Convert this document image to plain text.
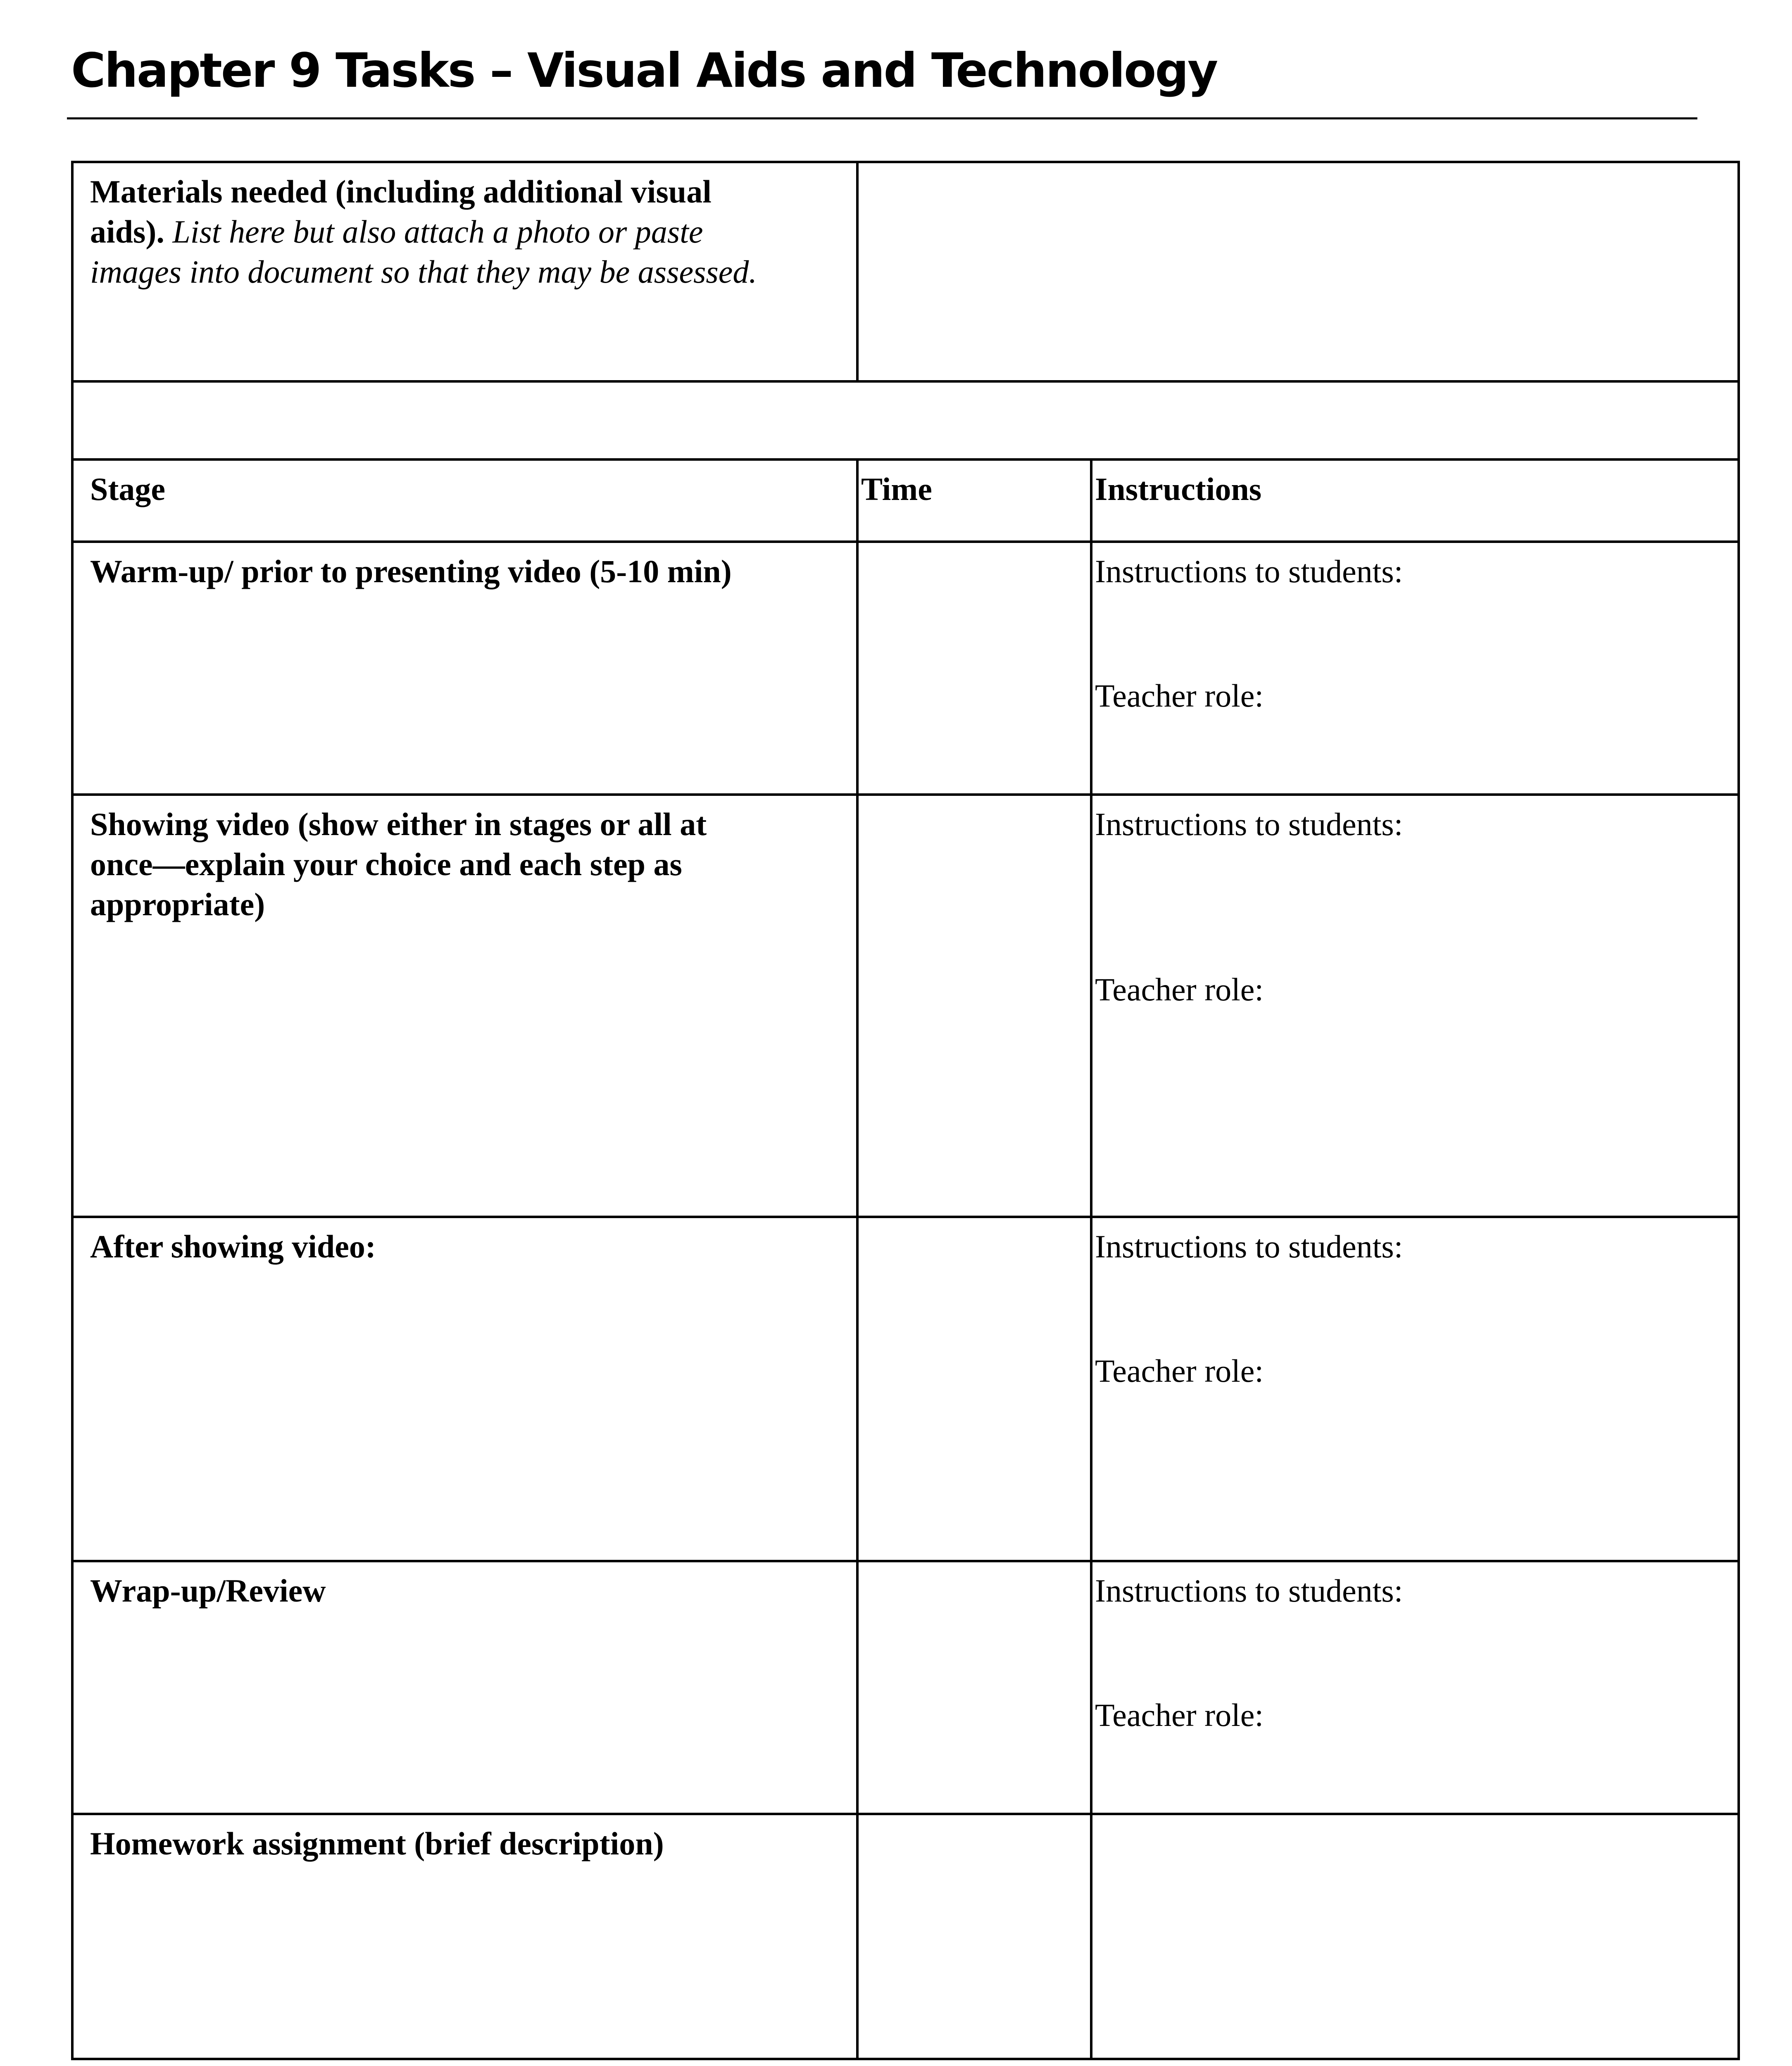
Chapter 9 Tasks – Visual Aids and Technology
Materials needed (including additional visual
aids). List here but also attach a photo or paste
images into document so that they may be assessed.		

Stage	Time	Instructions

Warm-up/ prior to presenting video (5-10 min)		Instructions to students:
Teacher role:

Showing video (show either in stages or all at
once—explain your choice and each step as
appropriate)		Instructions to students:
Teacher role:

After showing video:		Instructions to students:
Teacher role:

Wrap-up/Review		Instructions to students:
Teacher role:

Homework assignment (brief description)		
